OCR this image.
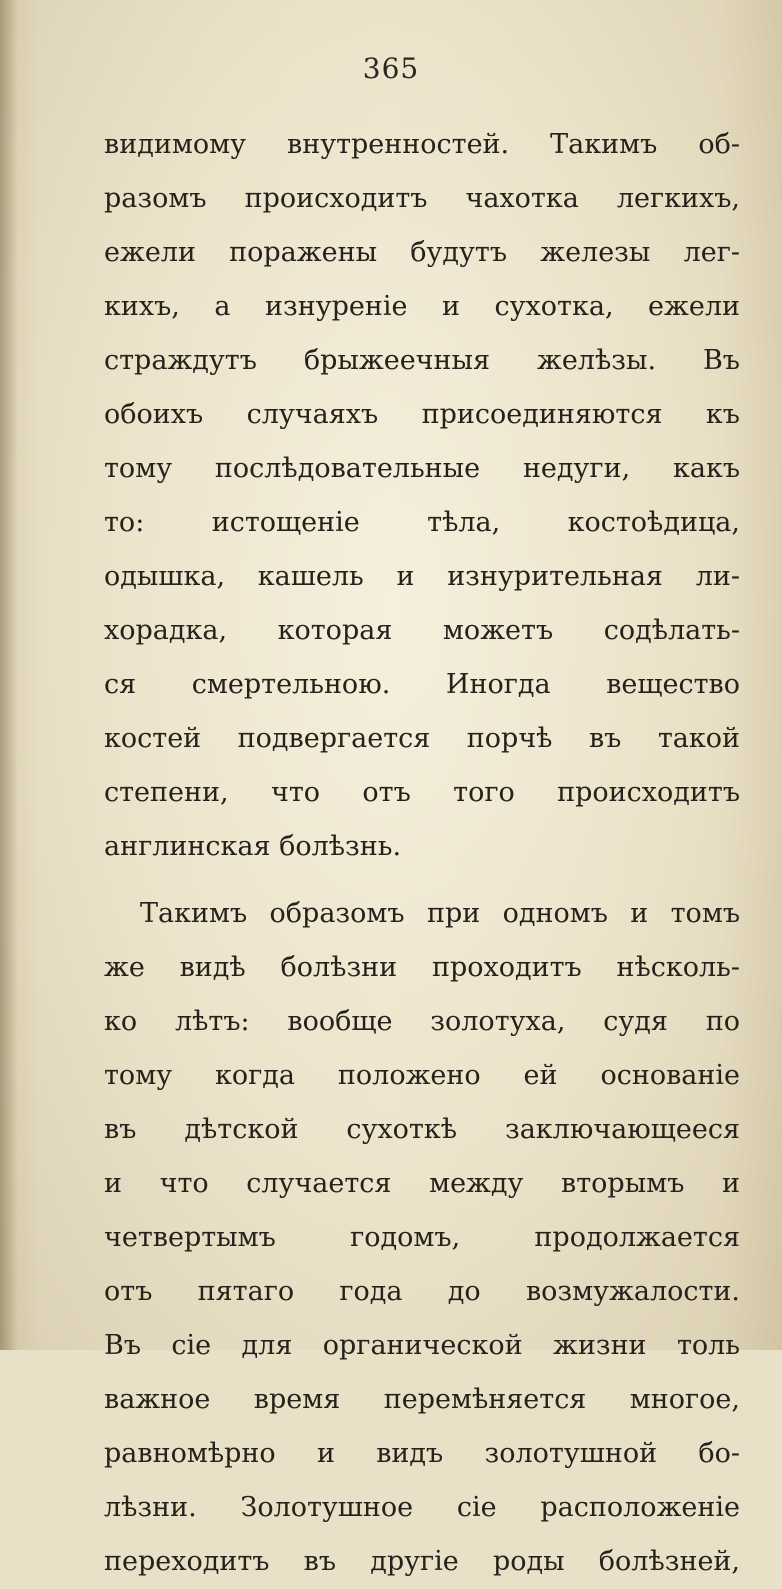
365
видимому внутренностей. Такимъ об-
разомъ происходитъ чахотка легкихъ,
ежели поражены будутъ железы лег-
кихъ, а изнуреніе и сухотка, ежели
страждутъ брыжеечныя желѣзы. Въ
обоихъ случаяхъ присоединяются къ
тому послѣдовательные недуги, какъ
то: истощеніе тѣла, костоѣдица,
одышка, кашель и изнурительная ли-
хорадка, которая можетъ содѣлать-
ся смертельною. Иногда вещество
костей подвергается порчѣ въ такой
степени, что отъ того происходитъ
англинская болѣзнь.
Такимъ образомъ при одномъ и томъ
же видѣ болѣзни проходитъ нѣсколь-
ко лѣтъ: вообще золотуха, судя по
тому когда положено ей основаніе
въ дѣтской сухоткѣ заключающееся
и что случается между вторымъ и
четвертымъ годомъ, продолжается
отъ пятаго года до возмужалости.
Въ сіе для органической жизни толь
важное время перемѣняется многое,
равномѣрно и видъ золотушной бо-
лѣзни. Золотушное сіе расположеніе
переходитъ въ другіе роды болѣзней,
